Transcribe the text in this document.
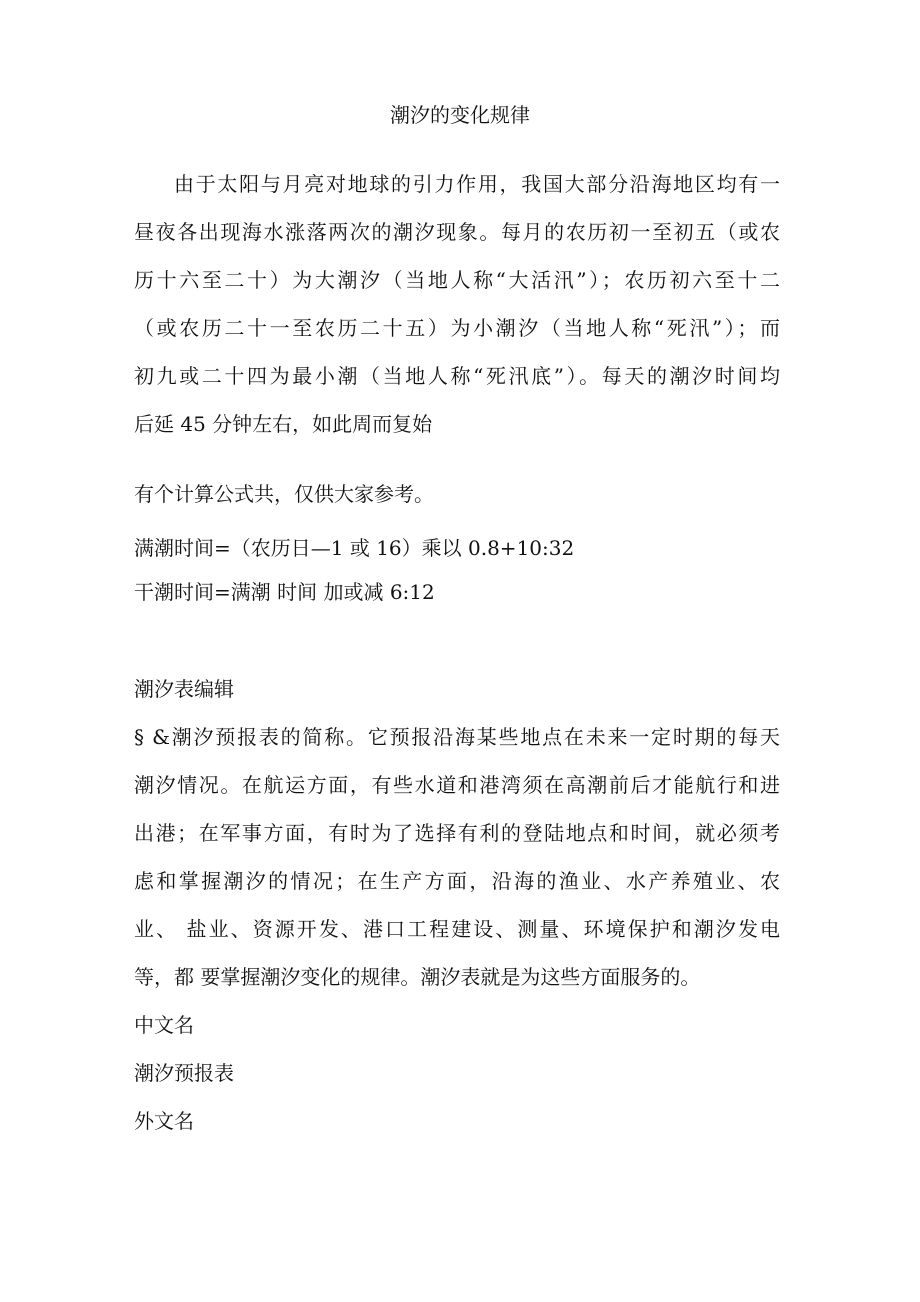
潮汐的变化规律
由于太阳与月亮对地球的引力作用，我国大部分沿海地区均有一
昼夜各出现海水涨落两次的潮汐现象。每月的农历初一至初五（或农
历十六至二十）为大潮汐（当地人称“大活汛”）；农历初六至十二
（或农历二十一至农历二十五）为小潮汐（当地人称“死汛”）；而
初九或二十四为最小潮（当地人称“死汛底”）。每天的潮汐时间均
后延 45 分钟左右，如此周而复始
有个计算公式共，仅供大家参考。
满潮时间=（农历日—1 或 16）乘以 0.8+10:32
干潮时间=满潮 时间 加或减 6:12
潮汐表编辑
§ &潮汐预报表的简称。它预报沿海某些地点在未来一定时期的每天
潮汐情况。在航运方面，有些水道和港湾须在高潮前后才能航行和进
出港；在军事方面，有时为了选择有利的登陆地点和时间，就必须考
虑和掌握潮汐的情况；在生产方面，沿海的渔业、水产养殖业、农
业、 盐业、资源开发、港口工程建设、测量、环境保护和潮汐发电
等，都 要掌握潮汐变化的规律。潮汐表就是为这些方面服务的。
中文名
潮汐预报表
外文名
